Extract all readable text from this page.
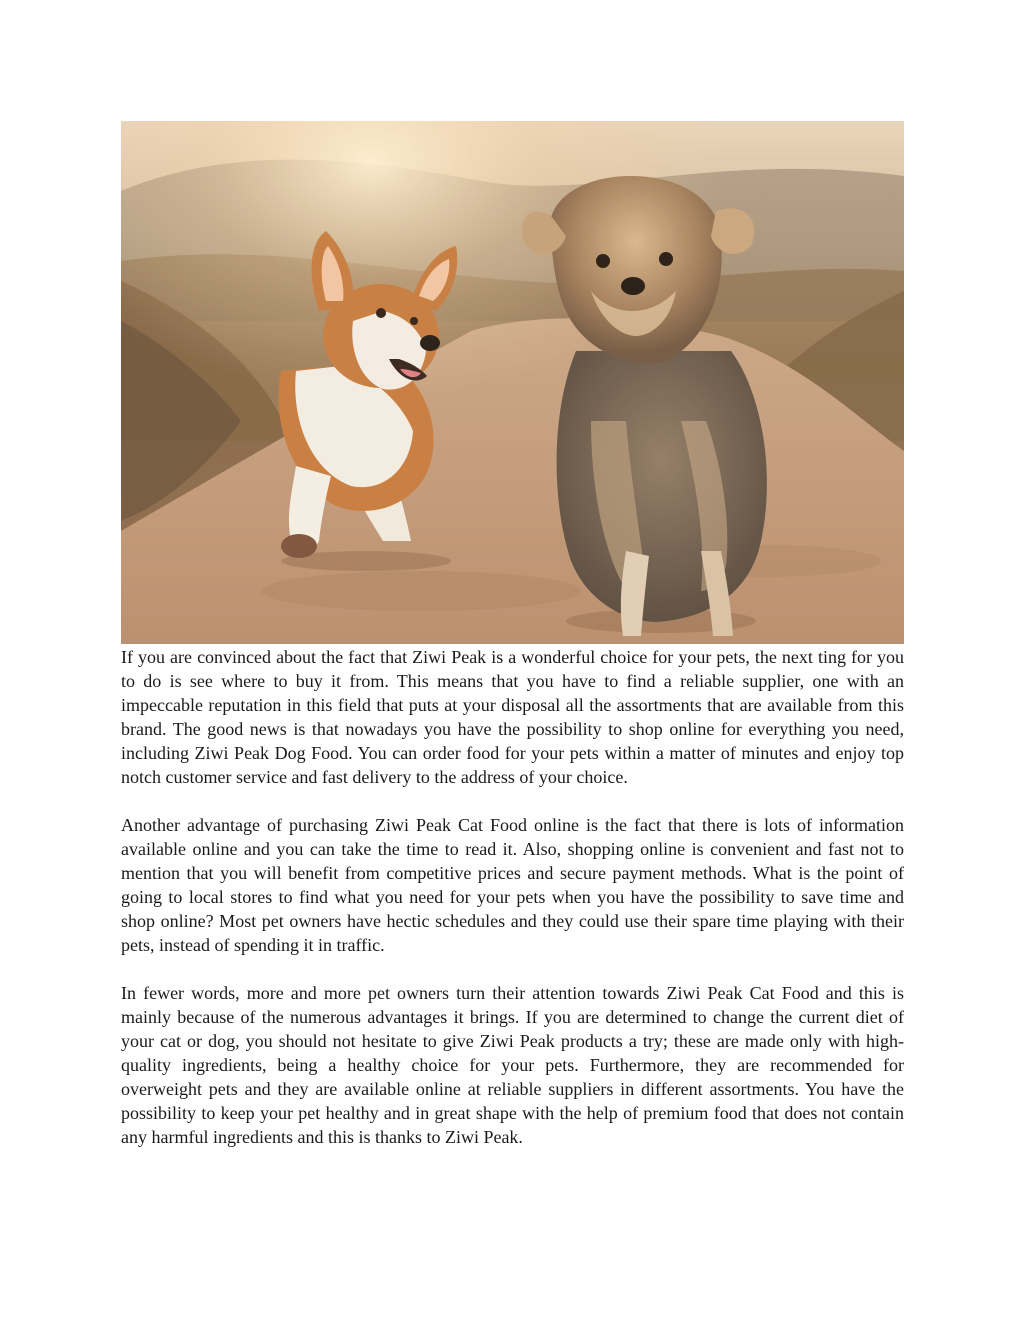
If you are convinced about the fact that Ziwi Peak is a wonderful choice for your pets, the next ting for you to do is see where to buy it from. This means that you have to find a reliable supplier, one with an impeccable reputation in this field that puts at your disposal all the assortments that are available from this brand. The good news is that nowadays you have the possibility to shop online for everything you need, including Ziwi Peak Dog Food. You can order food for your pets within a matter of minutes and enjoy top notch customer service and fast delivery to the address of your choice.

Another advantage of purchasing Ziwi Peak Cat Food online is the fact that there is lots of information available online and you can take the time to read it. Also, shopping online is convenient and fast not to mention that you will benefit from competitive prices and secure payment methods. What is the point of going to local stores to find what you need for your pets when you have the possibility to save time and shop online? Most pet owners have hectic schedules and they could use their spare time playing with their pets, instead of spending it in traffic.

In fewer words, more and more pet owners turn their attention towards Ziwi Peak Cat Food and this is mainly because of the numerous advantages it brings. If you are determined to change the current diet of your cat or dog, you should not hesitate to give Ziwi Peak products a try; these are made only with high-quality ingredients, being a healthy choice for your pets. Furthermore, they are recommended for overweight pets and they are available online at reliable suppliers in different assortments. You have the possibility to keep your pet healthy and in great shape with the help of premium food that does not contain any harmful ingredients and this is thanks to Ziwi Peak.
